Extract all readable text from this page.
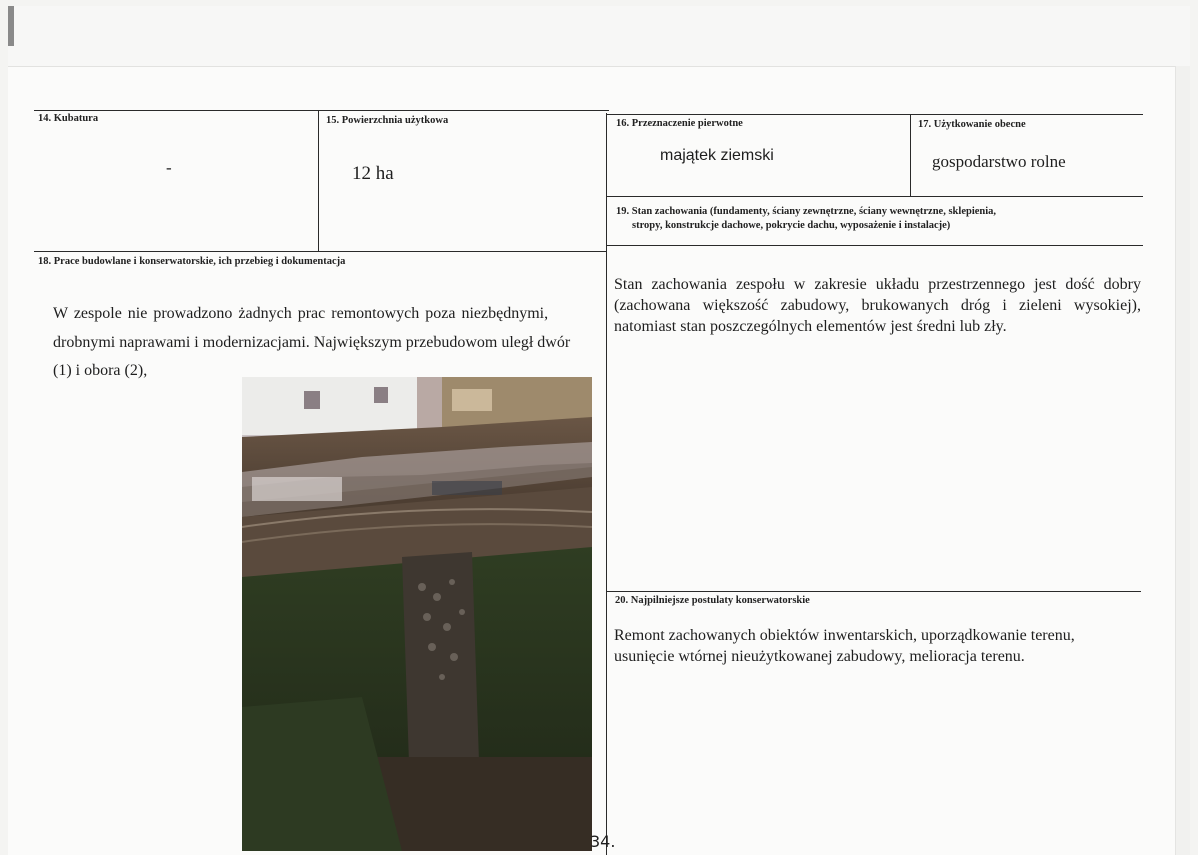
14. Kubatura
-
15. Powierzchnia użytkowa
12 ha
16. Przeznaczenie pierwotne
majątek ziemski
17. Użytkowanie obecne
gospodarstwo rolne
19. Stan zachowania (fundamenty, ściany zewnętrzne, ściany wewnętrzne, sklepienia,
stropy, konstrukcje dachowe, pokrycie dachu, wyposażenie i instalacje)
Stan zachowania zespołu w zakresie układu przestrzennego jest dość dobry (zachowana większość zabudowy, brukowanych dróg i zieleni wysokiej), natomiast stan poszczególnych elementów jest średni lub zły.
18. Prace budowlane i konserwatorskie, ich przebieg i dokumentacja
W zespole nie prowadzono żadnych prac remontowych poza niezbędnymi,
drobnymi naprawami i modernizacjami. Największym przebudowom uległ dwór
(1) i obora (2),
20. Najpilniejsze postulaty konserwatorskie
Remont zachowanych obiektów inwentarskich, uporządkowanie terenu, usunięcie wtórnej nieużytkowanej zabudowy, melioracja terenu.
34.
